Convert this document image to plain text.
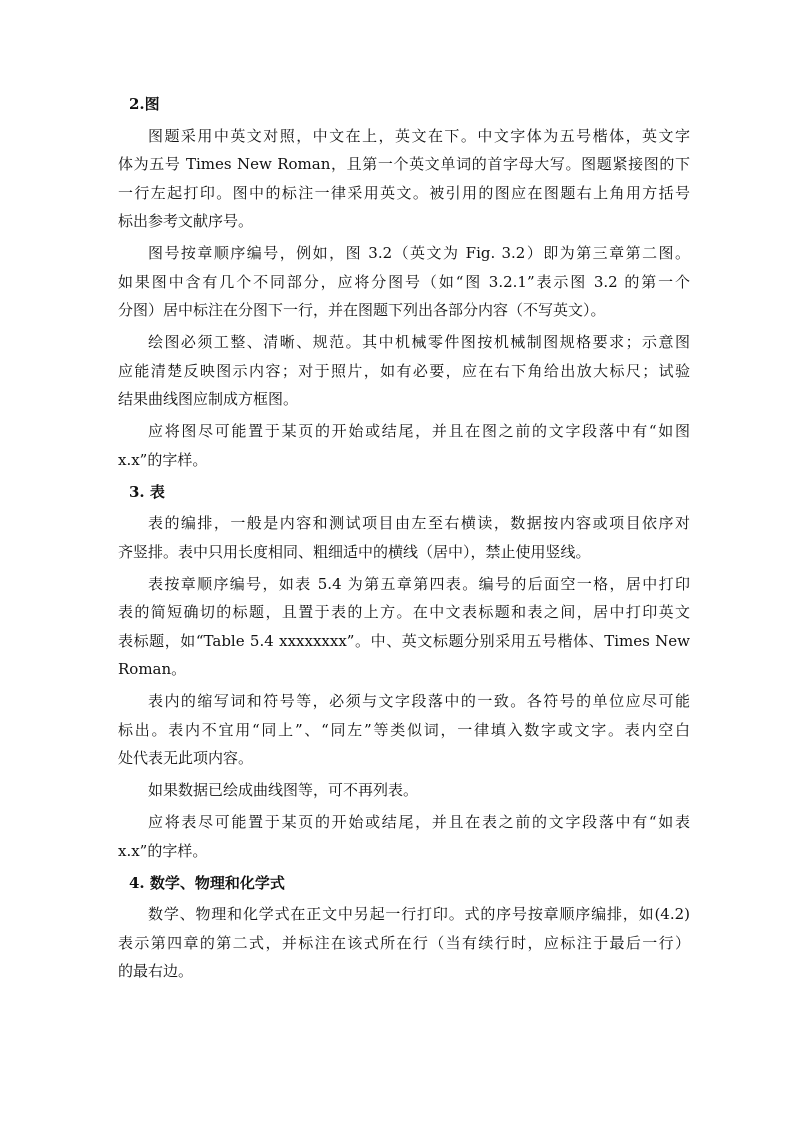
2.图
图题采用中英文对照，中文在上，英文在下。中文字体为五号楷体，英文字
体为五号 Times New Roman，且第一个英文单词的首字母大写。图题紧接图的下
一行左起打印。图中的标注一律采用英文。被引用的图应在图题右上角用方括号
标出参考文献序号。
图号按章顺序编号，例如，图 3.2（英文为 Fig. 3.2）即为第三章第二图。
如果图中含有几个不同部分，应将分图号（如“图 3.2.1”表示图 3.2 的第一个
分图）居中标注在分图下一行，并在图题下列出各部分内容（不写英文）。
绘图必须工整、清晰、规范。其中机械零件图按机械制图规格要求；示意图
应能清楚反映图示内容；对于照片，如有必要，应在右下角给出放大标尺；试验
结果曲线图应制成方框图。
应将图尽可能置于某页的开始或结尾，并且在图之前的文字段落中有“如图
x.x”的字样。
3. 表
表的编排，一般是内容和测试项目由左至右横读，数据按内容或项目依序对
齐竖排。表中只用长度相同、粗细适中的横线（居中），禁止使用竖线。
表按章顺序编号，如表 5.4 为第五章第四表。编号的后面空一格，居中打印
表的简短确切的标题，且置于表的上方。在中文表标题和表之间，居中打印英文
表标题，如“Table 5.4 xxxxxxxx”。中、英文标题分别采用五号楷体、Times New
Roman。
表内的缩写词和符号等，必须与文字段落中的一致。各符号的单位应尽可能
标出。表内不宜用“同上”、“同左”等类似词，一律填入数字或文字。表内空白
处代表无此项内容。
如果数据已绘成曲线图等，可不再列表。
应将表尽可能置于某页的开始或结尾，并且在表之前的文字段落中有“如表
x.x”的字样。
4. 数学、物理和化学式
数学、物理和化学式在正文中另起一行打印。式的序号按章顺序编排，如(4.2)
表示第四章的第二式，并标注在该式所在行（当有续行时，应标注于最后一行）
的最右边。
